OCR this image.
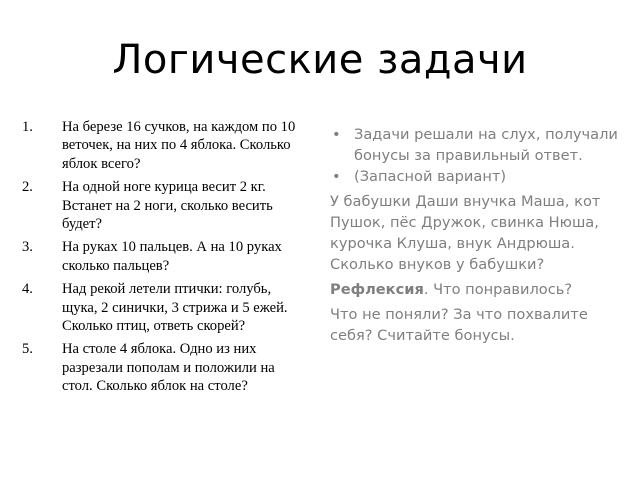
Логические задачи
1. На березе 16 сучков, на каждом по 10 веточек, на них по 4 яблока. Сколько яблок всего?
2. На одной ноге курица весит 2 кг. Встанет на 2 ноги, сколько весить будет?
3. На руках 10 пальцев. А на 10 руках сколько пальцев?
4. Над рекой летели птички: голубь, щука, 2 синички, 3 стрижа и 5 ежей. Сколько птиц, ответь скорей?
5. На столе 4 яблока. Одно из них разрезали пополам и положили на стол. Сколько яблок на столе?
• Задачи решали на слух, получали бонусы за правильный ответ.
• (Запасной вариант)

У бабушки Даши внучка Маша, кот Пушок, пёс Дружок, свинка Нюша, курочка Клуша, внук Андрюша. Сколько внуков у бабушки?

Рефлексия. Что понравилось?

Что не поняли? За что похвалите себя? Считайте бонусы.
